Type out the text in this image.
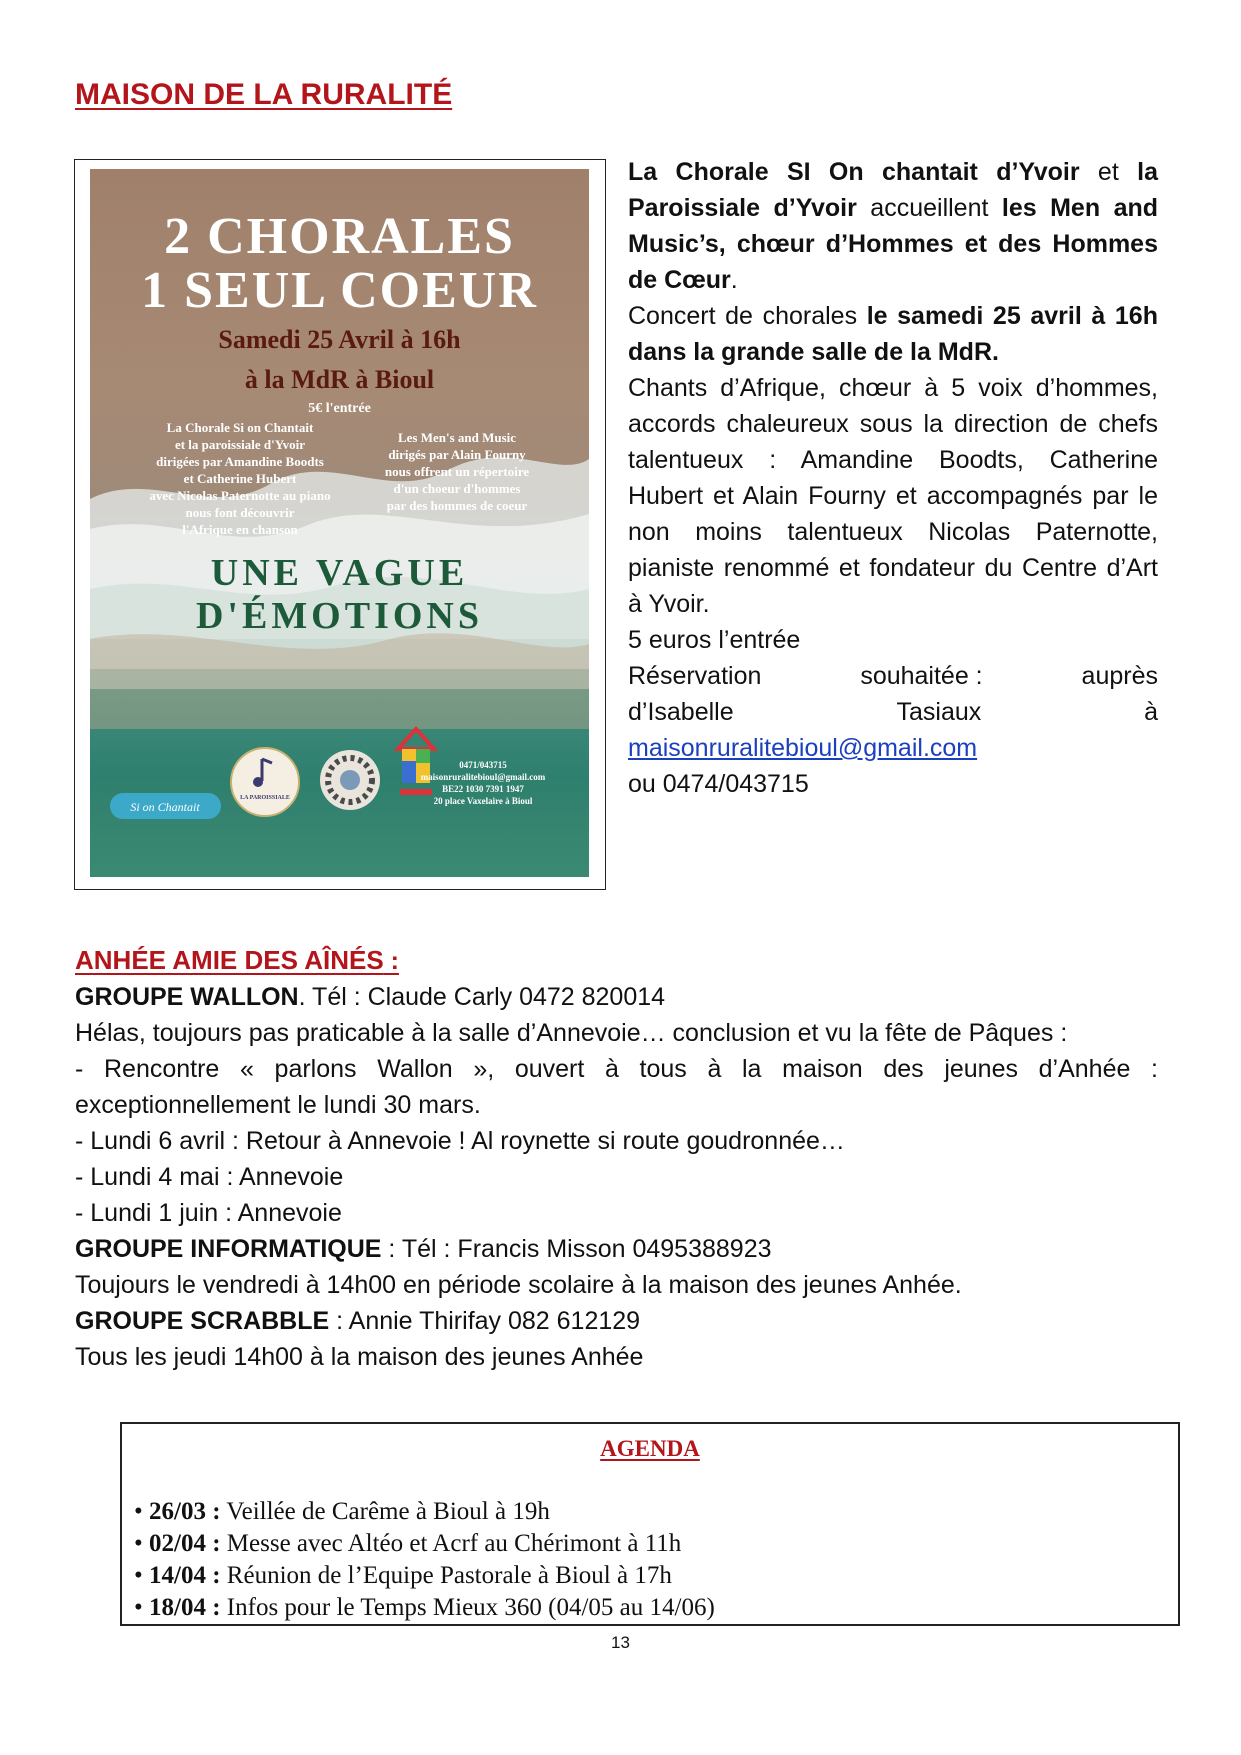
MAISON DE LA RURALITÉ
2 CHORALES
1 SEUL COEUR
Samedi 25 Avril à 16h
à la MdR à Bioul
5€ l'entrée
La Chorale Si on Chantait
et la paroissiale d'Yvoir
dirigées par Amandine Boodts
et Catherine Hubert
avec Nicolas Paternotte au piano
nous font découvrir
l'Afrique en chanson
Les Men's and Music
dirigés par Alain Fourny
nous offrent un répertoire
d'un choeur d'hommes
par des hommes de coeur
UNE VAGUE
D'ÉMOTIONS
Si on Chantait
LA PAROISSIALE
0471/043715
maisonruralitebioul@gmail.com
BE22 1030 7391 1947
20 place Vaxelaire à Bioul

La Chorale SI On chantait d’Yvoir et la Paroissiale d’Yvoir accueillent les Men and Music’s, chœur d’Hommes et des Hommes de Cœur.

Concert de chorales le samedi 25 avril à 16h dans la grande salle de la MdR.

Chants d’Afrique, chœur à 5 voix d’hommes, accords chaleureux sous la direction de chefs talentueux : Amandine Boodts, Catherine Hubert et Alain Fourny et accompagnés par le non moins talentueux Nicolas Paternotte, pianiste renommé et fondateur du Centre d’Art à Yvoir.

5 euros l’entrée

Réservation	souhaitée :	auprès
d’Isabelle	Tasiaux	à

maisonruralitebioul@gmail.com

ou 0474/043715

ANHÉE AMIE DES AÎNÉS :

GROUPE WALLON. Tél : Claude Carly 0472 820014

Hélas, toujours pas praticable à la salle d’Annevoie… conclusion et vu la fête de Pâques :

- Rencontre « parlons Wallon », ouvert à tous à la maison des jeunes d’Anhée : exceptionnellement le lundi 30 mars.

- Lundi 6 avril : Retour à Annevoie ! Al roynette si route goudronnée…

- Lundi 4 mai : Annevoie

- Lundi 1 juin : Annevoie

GROUPE INFORMATIQUE : Tél : Francis Misson 0495388923

Toujours le vendredi à 14h00 en période scolaire à la maison des jeunes Anhée.

GROUPE SCRABBLE : Annie Thirifay 082 612129

Tous les jeudi 14h00 à la maison des jeunes Anhée

AGENDA
• 26/03 : Veillée de Carême à Bioul à 19h
• 02/04 : Messe avec Altéo et Acrf au Chérimont à 11h
• 14/04 : Réunion de l’Equipe Pastorale à Bioul à 17h
• 18/04 : Infos pour le Temps Mieux 360 (04/05 au 14/06)
13
